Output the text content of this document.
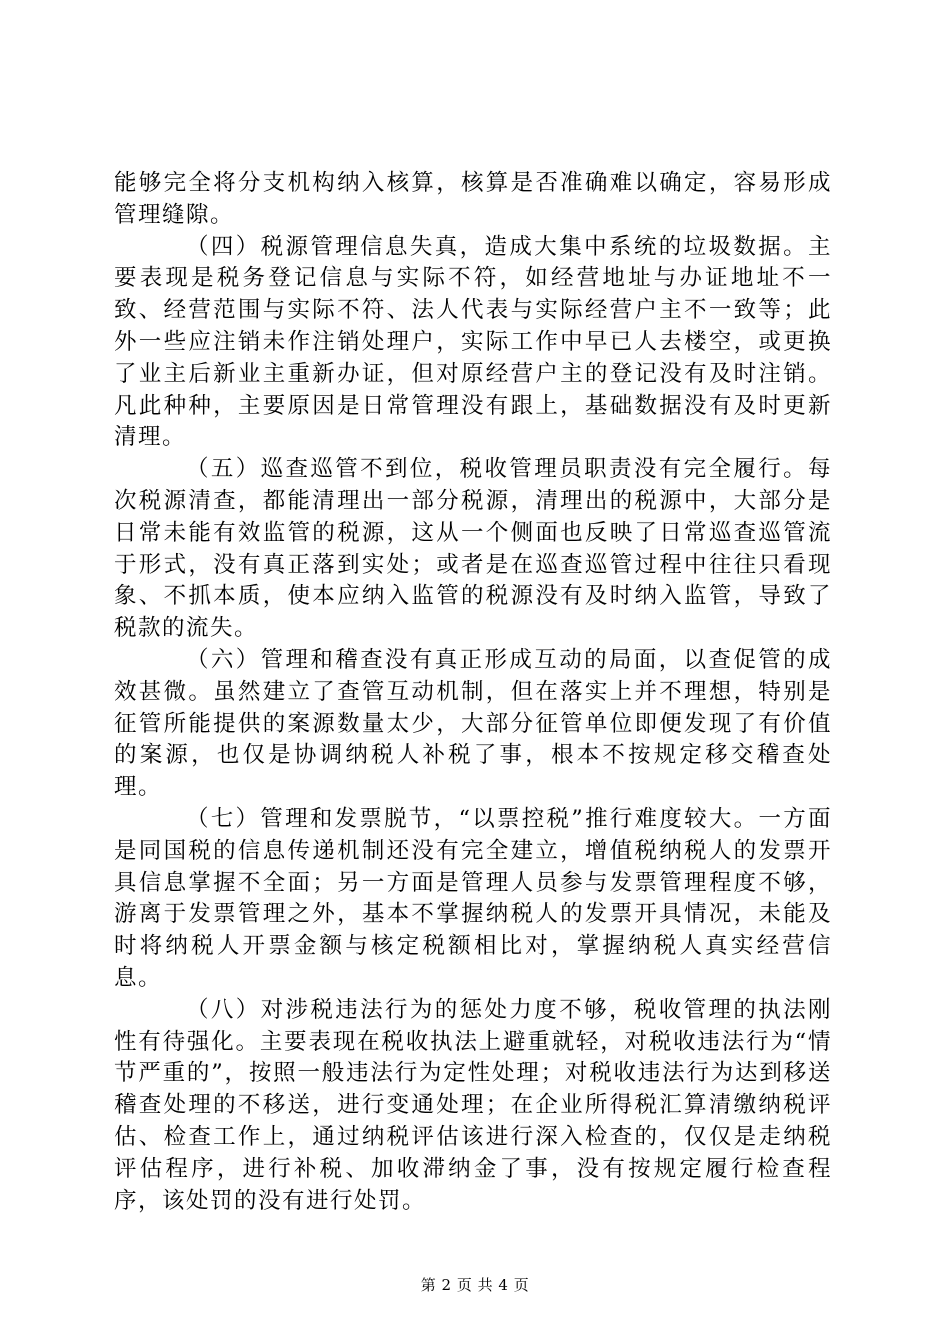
能够完全将分支机构纳入核算，核算是否准确难以确定，容易形成管理缝隙。

（四）税源管理信息失真，造成大集中系统的垃圾数据。主要表现是税务登记信息与实际不符，如经营地址与办证地址不一致、经营范围与实际不符、法人代表与实际经营户主不一致等；此外一些应注销未作注销处理户，实际工作中早已人去楼空，或更换了业主后新业主重新办证，但对原经营户主的登记没有及时注销。凡此种种，主要原因是日常管理没有跟上，基础数据没有及时更新清理。

（五）巡查巡管不到位，税收管理员职责没有完全履行。每次税源清查，都能清理出一部分税源，清理出的税源中，大部分是日常未能有效监管的税源，这从一个侧面也反映了日常巡查巡管流于形式，没有真正落到实处；或者是在巡查巡管过程中往往只看现象、不抓本质，使本应纳入监管的税源没有及时纳入监管，导致了税款的流失。

（六）管理和稽查没有真正形成互动的局面，以查促管的成效甚微。虽然建立了查管互动机制，但在落实上并不理想，特别是征管所能提供的案源数量太少，大部分征管单位即便发现了有价值的案源，也仅是协调纳税人补税了事，根本不按规定移交稽查处理。

（七）管理和发票脱节，“以票控税”推行难度较大。一方面是同国税的信息传递机制还没有完全建立，增值税纳税人的发票开具信息掌握不全面；另一方面是管理人员参与发票管理程度不够，游离于发票管理之外，基本不掌握纳税人的发票开具情况，未能及时将纳税人开票金额与核定税额相比对，掌握纳税人真实经营信息。

（八）对涉税违法行为的惩处力度不够，税收管理的执法刚性有待强化。主要表现在税收执法上避重就轻，对税收违法行为“情节严重的”，按照一般违法行为定性处理；对税收违法行为达到移送稽查处理的不移送，进行变通处理；在企业所得税汇算清缴纳税评估、检查工作上，通过纳税评估该进行深入检查的，仅仅是走纳税评估程序，进行补税、加收滞纳金了事，没有按规定履行检查程序，该处罚的没有进行处罚。

第 2 页 共 4 页
